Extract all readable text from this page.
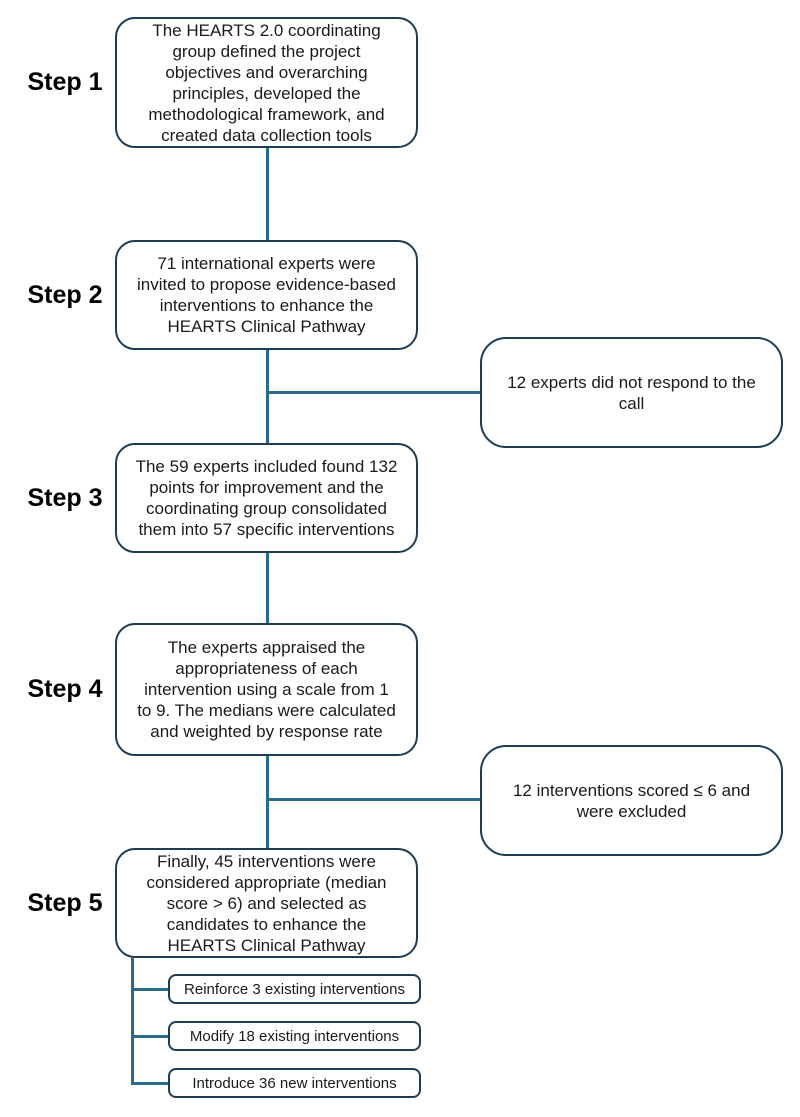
Step 1
Step 2
Step 3
Step 4
Step 5
The HEARTS 2.0 coordinating group defined the project objectives and overarching principles, developed the methodological framework, and created data collection tools
71 international experts were invited to propose evidence-based interventions to enhance the HEARTS Clinical Pathway
The 59 experts included found 132 points for improvement and the coordinating group consolidated them into 57 specific interventions
The experts appraised the appropriateness of each intervention using a scale from 1 to 9. The medians were calculated and weighted by response rate
Finally, 45 interventions were considered appropriate (median score > 6) and selected as candidates to enhance the HEARTS Clinical Pathway
12 experts did not respond to the call
12 interventions scored ≤ 6 and were excluded
Reinforce 3 existing interventions
Modify 18 existing interventions
Introduce 36 new interventions
